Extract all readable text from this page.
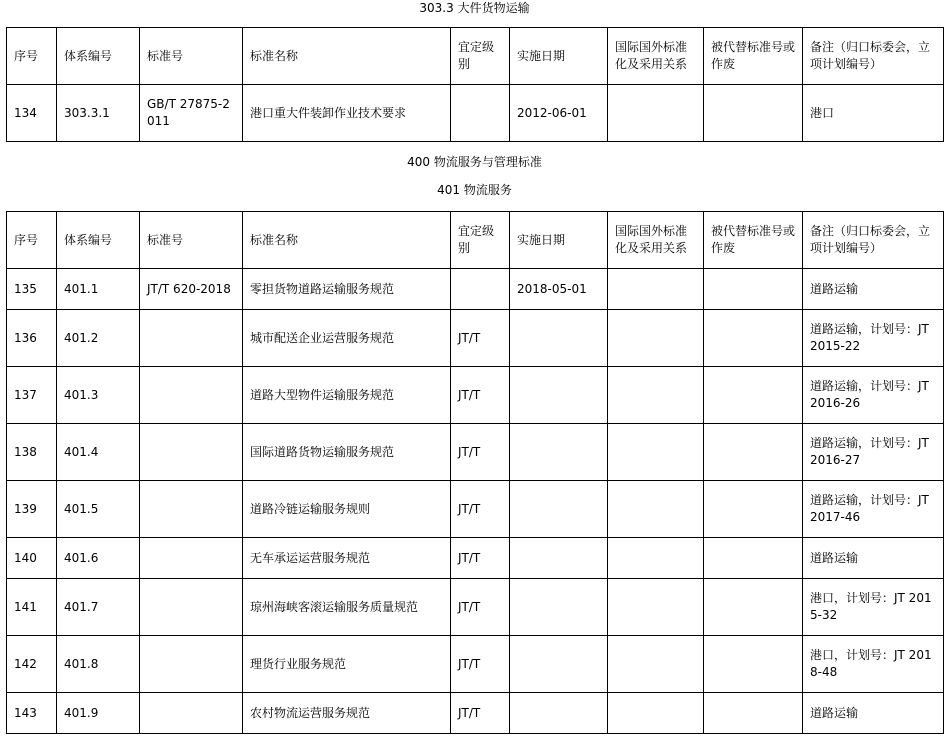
303.3 大件货物运输
序号	体系编号	标准号	标准名称	宜定级别	实施日期	国际国外标准化及采用关系	被代替标准号或作废	备注（归口标委会，立项计划编号）
134	303.3.1	GB/T 27875-2011	港口重大件装卸作业技术要求		2012-06-01			港口
400 物流服务与管理标准
401 物流服务
序号	体系编号	标准号	标准名称	宜定级别	实施日期	国际国外标准化及采用关系	被代替标准号或作废	备注（归口标委会，立项计划编号）
135	401.1	JT/T 620-2018	零担货物道路运输服务规范		2018-05-01			道路运输
136	401.2		城市配送企业运营服务规范	JT/T				道路运输，计划号：JT 2015-22
137	401.3		道路大型物件运输服务规范	JT/T				道路运输，计划号：JT 2016-26
138	401.4		国际道路货物运输服务规范	JT/T				道路运输，计划号：JT 2016-27
139	401.5		道路冷链运输服务规则	JT/T				道路运输，计划号：JT 2017-46
140	401.6		无车承运运营服务规范	JT/T				道路运输
141	401.7		琼州海峡客滚运输服务质量规范	JT/T				港口，计划号：JT 2015-32
142	401.8		理货行业服务规范	JT/T				港口，计划号：JT 2018-48
143	401.9		农村物流运营服务规范	JT/T				道路运输
